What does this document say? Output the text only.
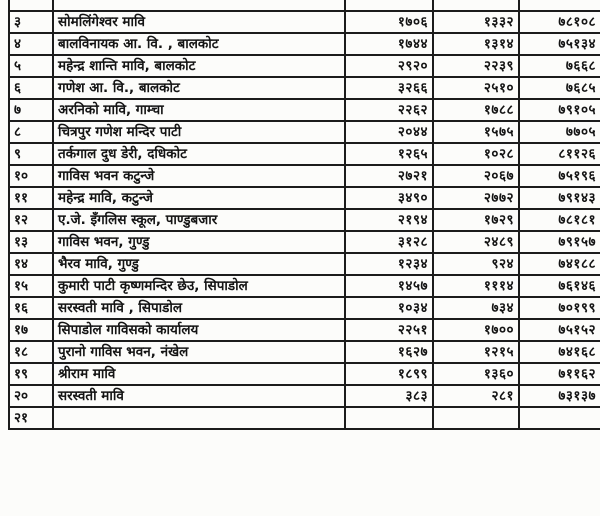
३	सोमलिंगेश्वर मावि	१७०६	१३३२	७८१०८
४	बालविनायक आ. वि. , बालकोट	१७४४	१३१४	७५१३४
५	महेन्द्र शान्ति मावि, बालकोट	२९२०	२२३९	७६६८
६	गणेश आ. वि., बालकोट	३२६६	२५१०	७६८५
७	अरनिको मावि, गाम्चा	२२६२	१७८८	७९१०५
८	चित्रपुर गणेश मन्दिर पाटी	२०४४	१५७५	७७०५
९	तर्कगाल दुध डेरी, दधिकोट	१२६५	१०२८	८११२६
१०	गाविस भवन कटुन्जे	२७२१	२०६७	७५१९६
११	महेन्द्र मावि, कटुन्जे	३४९०	२७७२	७९१४३
१२	ए.जे. इँगलिस स्कूल, पाण्डुबजार	२१९४	१७२९	७८१८१
१३	गाविस भवन, गुण्डु	३१२८	२४८९	७९१५७
१४	भैरव मावि, गुण्डु	१२३४	९२४	७४१८८
१५	कुमारी पाटी कृष्णमन्दिर छेउ, सिपाडोल	१४५७	१११४	७६१४६
१६	सरस्वती मावि , सिपाडोल	१०३४	७३४	७०१९९
१७	सिपाडोल गाविसको कार्यालय	२२५१	१७००	७५१५२
१८	पुरानो गाविस भवन, नंखेल	१६२७	१२१५	७४१६८
१९	श्रीराम मावि	१८९९	१३६०	७११६२
२०	सरस्वती मावि	३८३	२८१	७३१३७
२१				
